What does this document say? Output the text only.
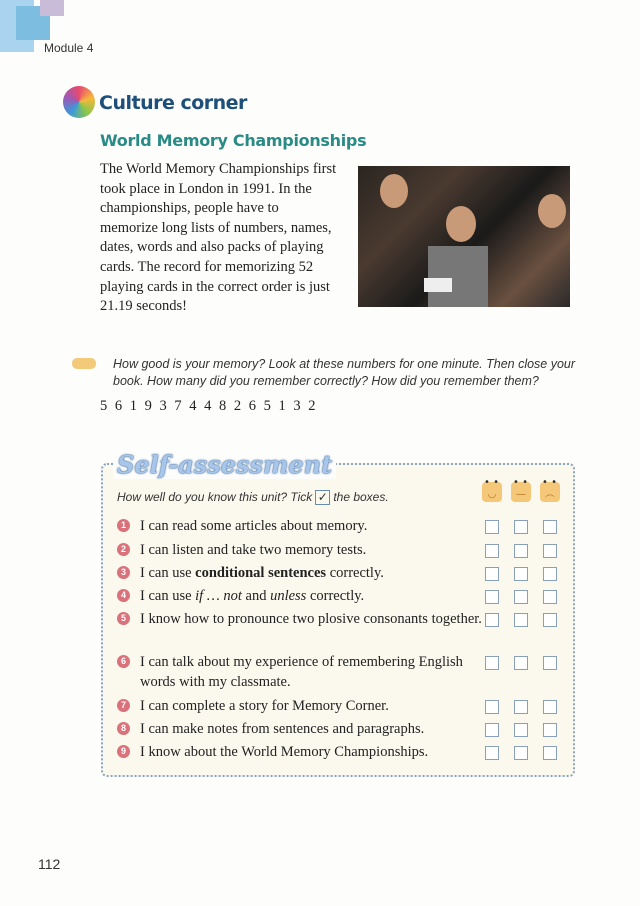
Module 4
Culture corner
World Memory Championships
The World Memory Championships first took place in London in 1991. In the championships, people have to memorize long lists of numbers, names, dates, words and also packs of playing cards. The record for memorizing 52 playing cards in the correct order is just 21.19 seconds!
How good is your memory? Look at these numbers for one minute. Then close your book. How many did you remember correctly? How did you remember them?
5 6 1 9 3 7 4 4 8 2 6 5 1 3 2
Self-assessment
How well do you know this unit? Tick ✓ the boxes.	• • ◡	• • —	• • ︵
1 I can read some articles about memory.
2 I can listen and take two memory tests.
3 I can use conditional sentences correctly.
4 I can use if … not and unless correctly.
5 I know how to pronounce two plosive consonants together.
6 I can talk about my experience of remembering English words with my classmate.
7 I can complete a story for Memory Corner.
8 I can make notes from sentences and paragraphs.
9 I know about the World Memory Championships.
112
